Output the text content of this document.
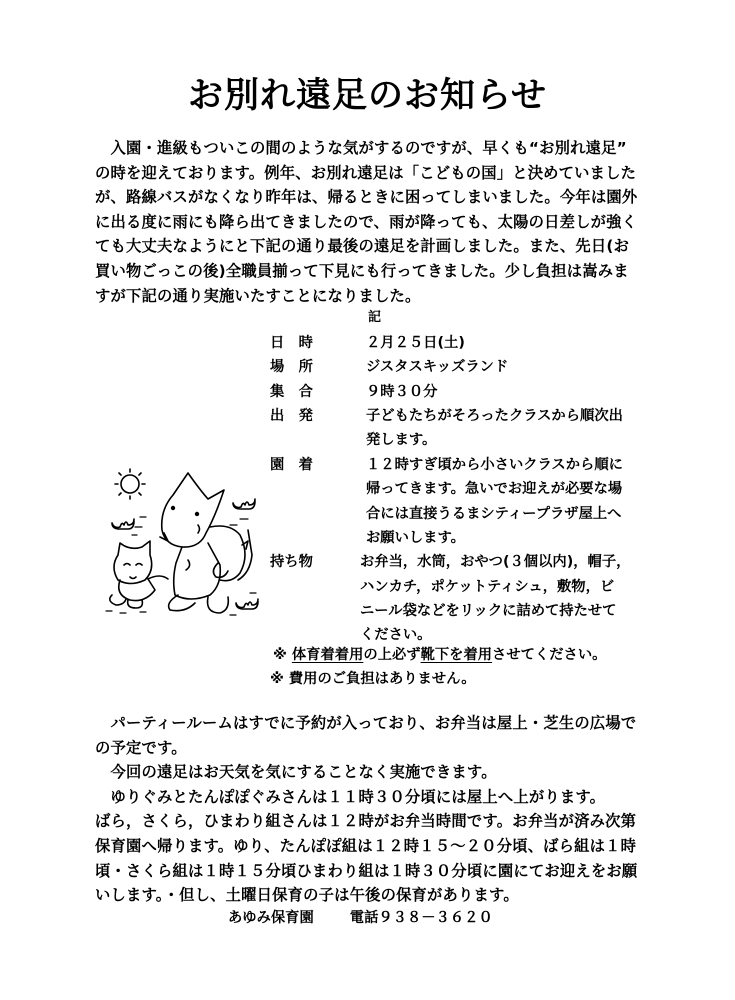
お別れ遠足のお知らせ
　入園・進級もついこの間のような気がするのですが、早くも“お別れ遠足”
の時を迎えております。例年、お別れ遠足は「こどもの国」と決めていました
が、路線バスがなくなり昨年は、帰るときに困ってしまいました。今年は園外
に出る度に雨にも降ら出てきましたので、雨が降っても、太陽の日差しが強く
ても大丈夫なようにと下記の通り最後の遠足を計画しました。また、先日(お
買い物ごっこの後)全職員揃って下見にも行ってきました。少し負担は嵩みま
すが下記の通り実施いたすことになりました。
記
日　時	２月２５日(土)
場　所	ジスタスキッズランド
集　合	９時３０分
出　発	子どもたちがそろったクラスから順次出
発します。
園　着	１２時すぎ頃から小さいクラスから順に
帰ってきます。急いでお迎えが必要な場
合には直接うるまシティープラザ屋上へ
お願いします。
持ち物	お弁当，水筒，おやつ(３個以内)，帽子，
ハンカチ，ポケットティシュ，敷物，ビ
ニール袋などをリックに詰めて持たせて
ください。
※ 体育着着用の上必ず靴下を着用させてください。
※ 費用のご負担はありません。
　パーティールームはすでに予約が入っており、お弁当は屋上・芝生の広場で
の予定です。
　今回の遠足はお天気を気にすることなく実施できます。
　ゆりぐみとたんぽぽぐみさんは１１時３０分頃には屋上へ上がります。
ばら，さくら，ひまわり組さんは１２時がお弁当時間です。お弁当が済み次第
保育園へ帰ります。ゆり、たんぽぽ組は１２時１５～２０分頃、ばら組は１時
頃・さくら組は１時１５分頃ひまわり組は１時３０分頃に園にてお迎えをお願
いします。・但し、土曜日保育の子は午後の保育があります。
あゆみ保育園	電話９３８－３６２０
